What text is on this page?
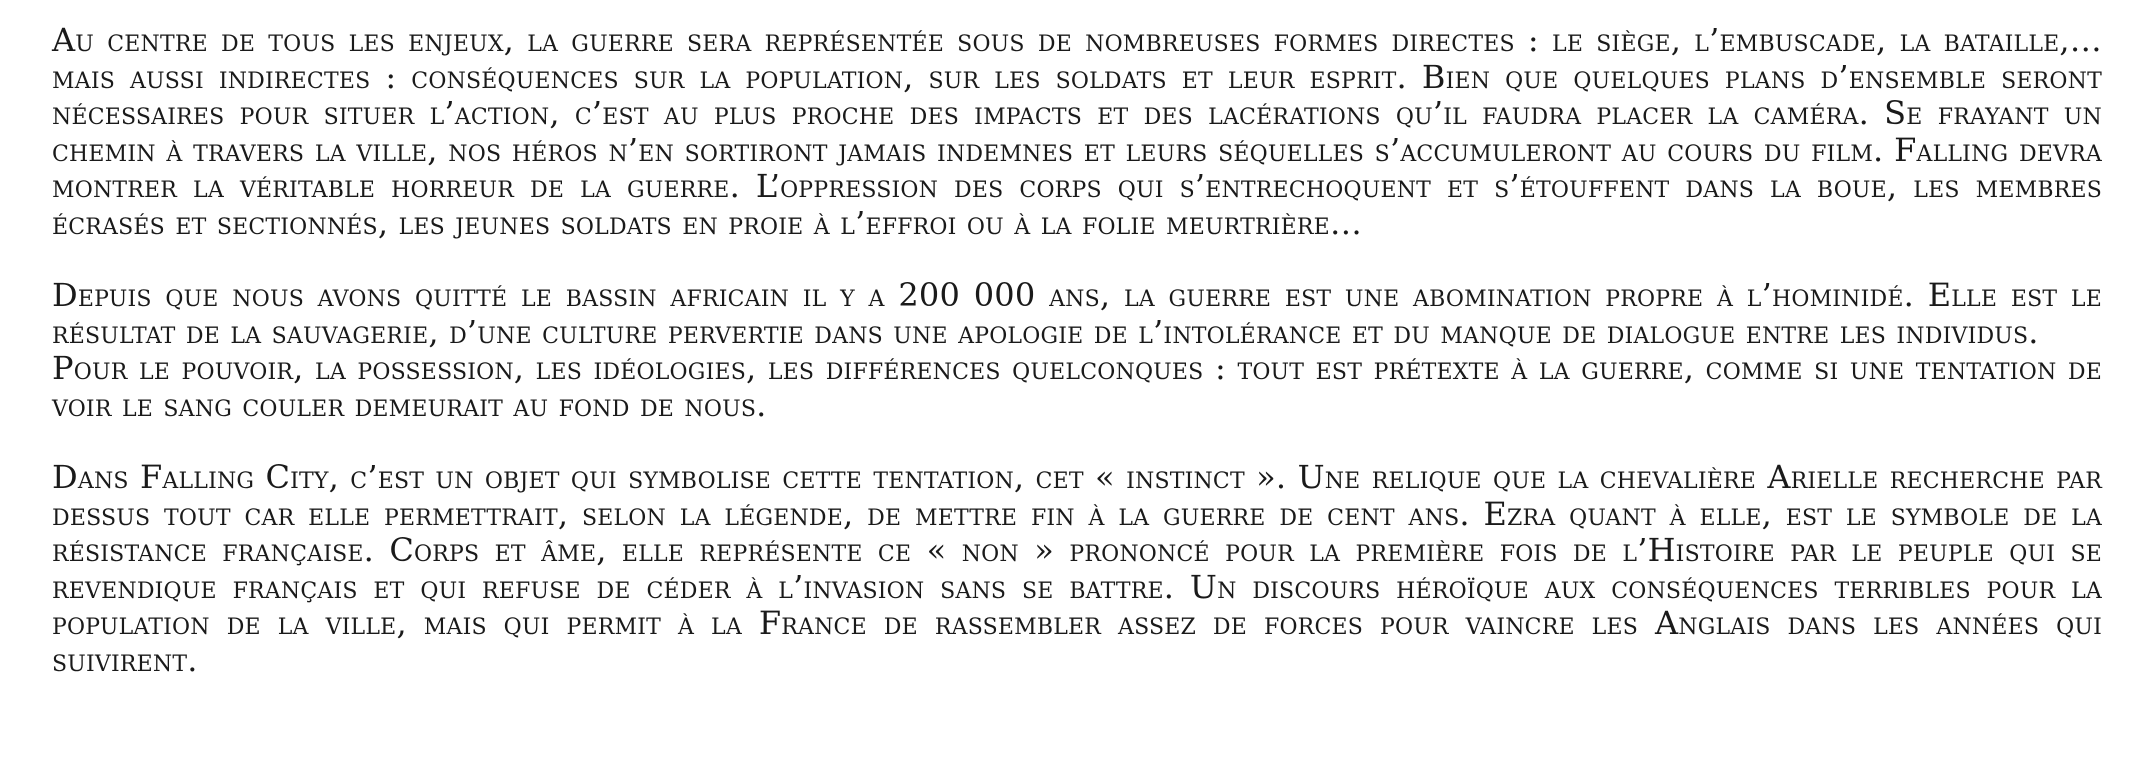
Au centre de tous les enjeux, la guerre sera représentée sous de nombreuses formes directes : le siège, l’embuscade, la bataille,… mais aussi indirectes : conséquences sur la population, sur les soldats et leur esprit. Bien que quelques plans d’ensemble seront nécessaires pour situer l’action, c’est au plus proche des impacts et des lacérations qu’il faudra placer la caméra. Se frayant un chemin à travers la ville, nos héros n’en sortiront jamais indemnes et leurs séquelles s’accumuleront au cours du film. Falling devra montrer la véritable horreur de la guerre. L’oppression des corps qui s’entrechoquent et s’étouffent dans la boue, les membres écrasés et sectionnés, les jeunes soldats en proie à l’effroi ou à la folie meurtrière…

Depuis que nous avons quitté le bassin africain il y a 200 000 ans, la guerre est une abomination propre à l’hominidé. Elle est le résultat de la sauvagerie, d’une culture pervertie dans une apologie de l’intolérance et du manque de dialogue entre les individus.

Pour le pouvoir, la possession, les idéologies, les différences quelconques : tout est prétexte à la guerre, comme si une tentation de voir le sang couler demeurait au fond de nous.

Dans Falling City, c’est un objet qui symbolise cette tentation, cet « instinct ». Une relique que la chevalière Arielle recherche par dessus tout car elle permettrait, selon la légende, de mettre fin à la guerre de cent ans. Ezra quant à elle, est le symbole de la résistance française. Corps et âme, elle représente ce « non » prononcé pour la première fois de l’Histoire par le peuple qui se revendique français et qui refuse de céder à l’invasion sans se battre. Un discours héroïque aux conséquences terribles pour la population de la ville, mais qui permit à la France de rassembler assez de forces pour vaincre les Anglais dans les années qui suivirent.
